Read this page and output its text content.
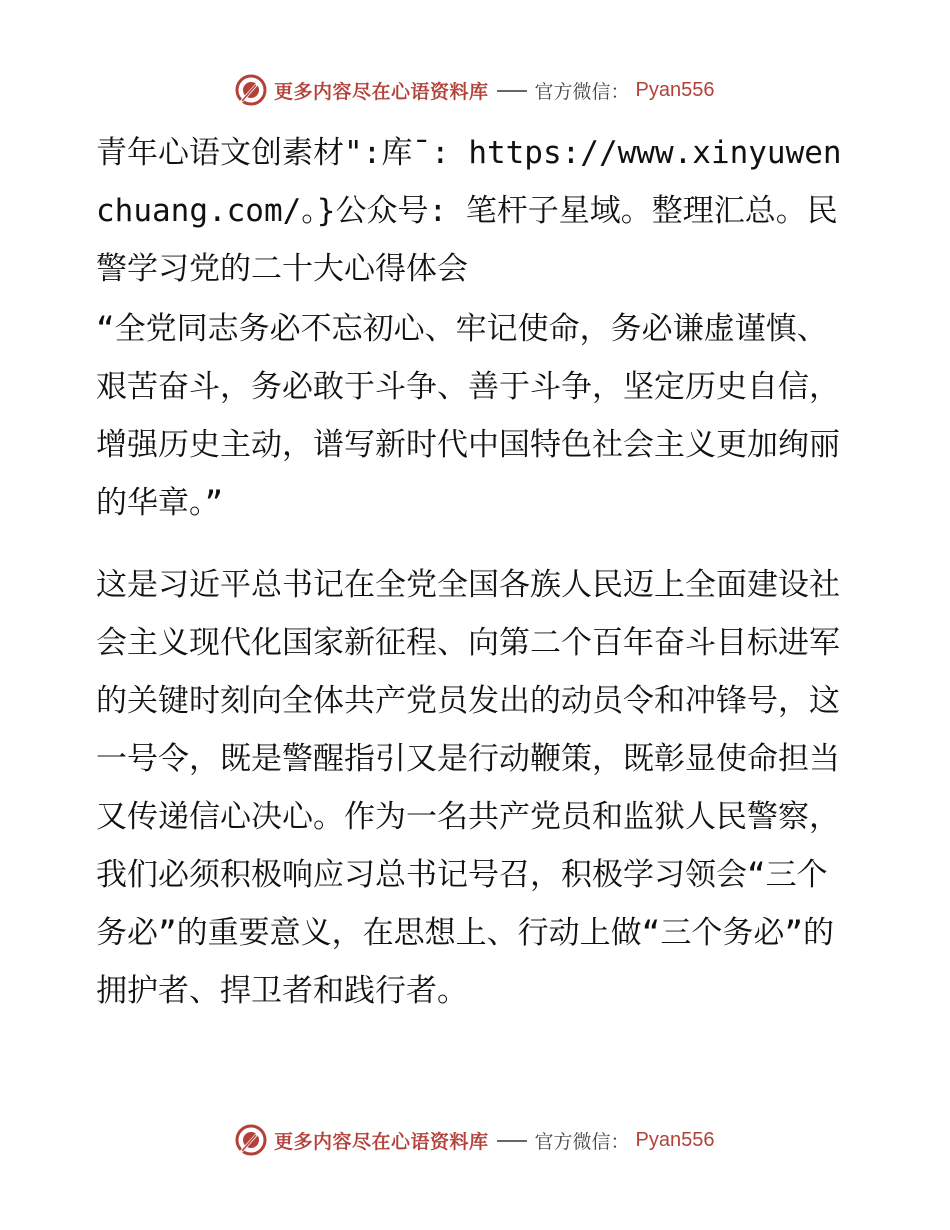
更多内容尽在心语资料库 官方微信： Pyan556

青年心语文创素材":库¯: https://www.xinyuwenchuang.com/。}公众号: 笔杆子星域。整理汇总。民警学习党的二十大心得体会

“全党同志务必不忘初心、牢记使命，务必谦虚谨慎、艰苦奋斗，务必敢于斗争、善于斗争，坚定历史自信，增强历史主动，谱写新时代中国特色社会主义更加绚丽的华章。”

这是习近平总书记在全党全国各族人民迈上全面建设社会主义现代化国家新征程、向第二个百年奋斗目标进军的关键时刻向全体共产党员发出的动员令和冲锋号，这一号令，既是警醒指引又是行动鞭策，既彰显使命担当又传递信心决心。作为一名共产党员和监狱人民警察，我们必须积极响应习总书记号召，积极学习领会“三个务必”的重要意义，在思想上、行动上做“三个务必”的拥护者、捍卫者和践行者。

更多内容尽在心语资料库 官方微信： Pyan556
